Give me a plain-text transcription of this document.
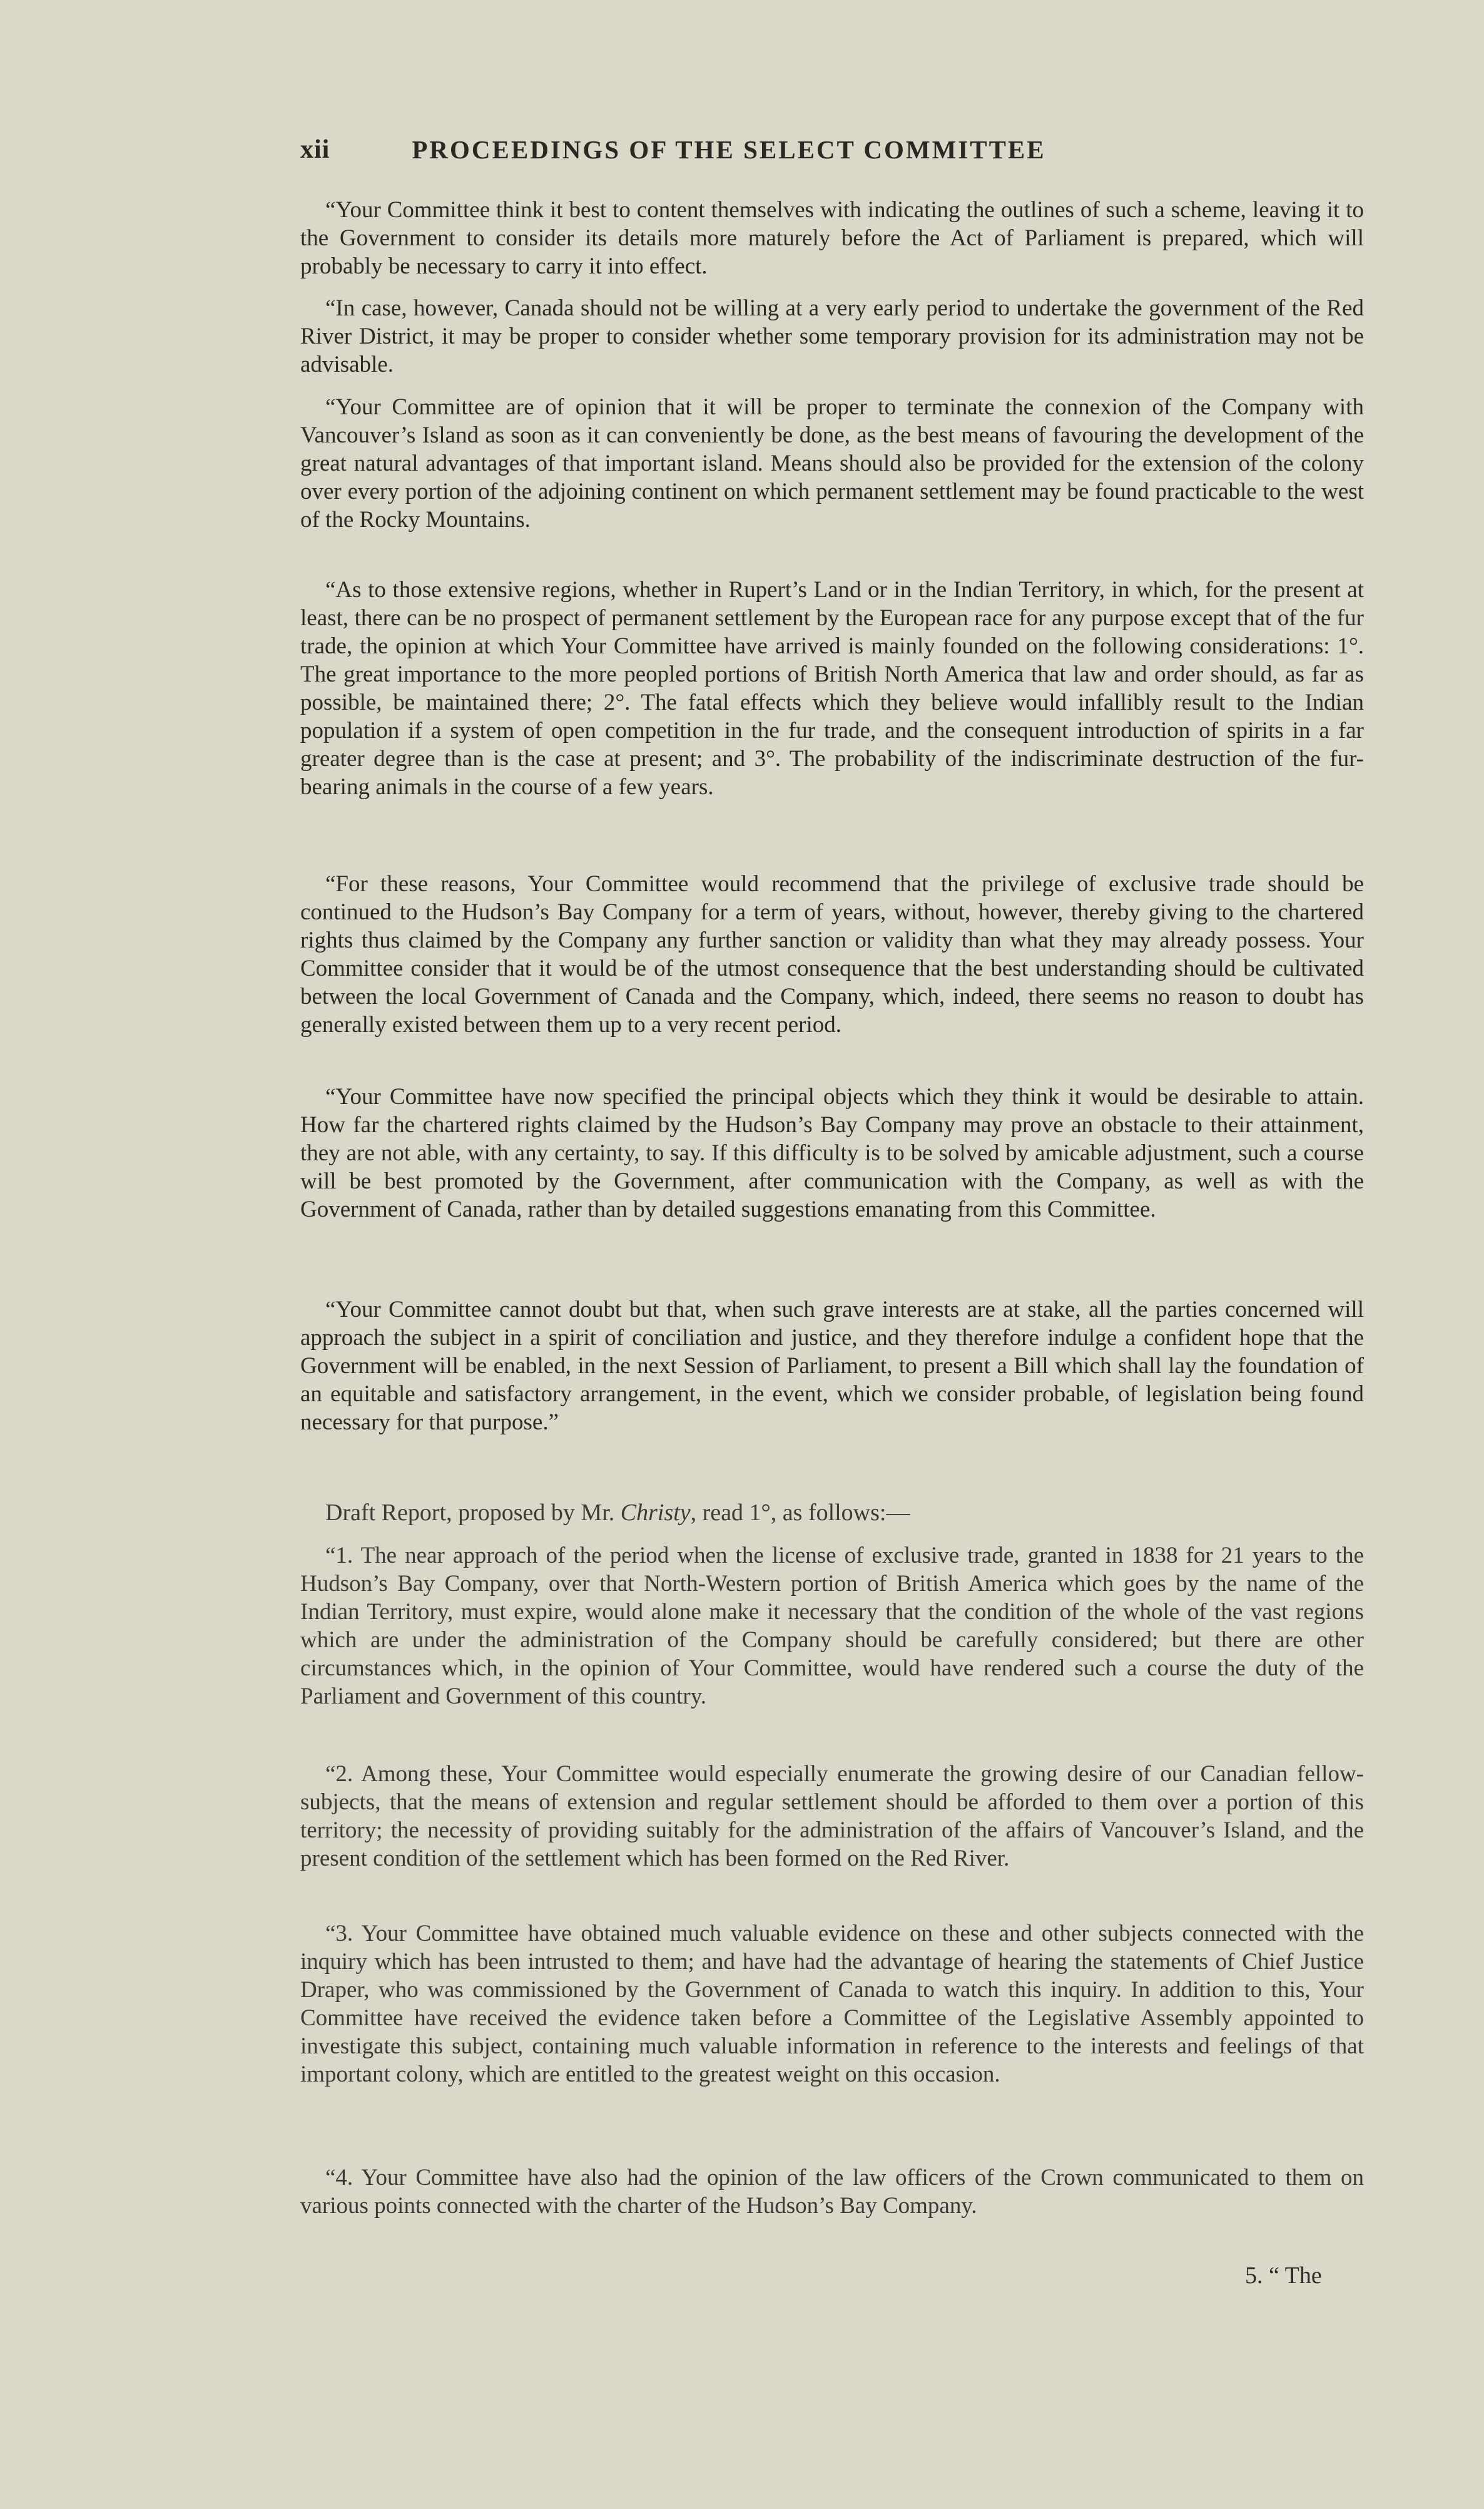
xii	PROCEEDINGS OF THE SELECT COMMITTEE
“Your Committee think it best to content themselves with indicating the outlines of such a scheme, leaving it to the Government to consider its details more maturely before the Act of Parliament is prepared, which will probably be necessary to carry it into effect.
“In case, however, Canada should not be willing at a very early period to undertake the government of the Red River District, it may be proper to consider whether some temporary provision for its administration may not be advisable.
“Your Committee are of opinion that it will be proper to terminate the connexion of the Company with Vancouver’s Island as soon as it can conveniently be done, as the best means of favouring the development of the great natural advantages of that important island. Means should also be provided for the extension of the colony over every portion of the adjoining continent on which permanent settlement may be found practicable to the west of the Rocky Mountains.
“As to those extensive regions, whether in Rupert’s Land or in the Indian Territory, in which, for the present at least, there can be no prospect of permanent settlement by the European race for any purpose except that of the fur trade, the opinion at which Your Committee have arrived is mainly founded on the following considerations: 1°. The great importance to the more peopled portions of British North America that law and order should, as far as possible, be maintained there; 2°. The fatal effects which they believe would infallibly result to the Indian population if a system of open competition in the fur trade, and the consequent introduction of spirits in a far greater degree than is the case at present; and 3°. The probability of the indiscriminate destruction of the fur-bearing animals in the course of a few years.
“For these reasons, Your Committee would recommend that the privilege of exclusive trade should be continued to the Hudson’s Bay Company for a term of years, without, however, thereby giving to the chartered rights thus claimed by the Company any further sanction or validity than what they may already possess. Your Committee consider that it would be of the utmost consequence that the best understanding should be cultivated between the local Government of Canada and the Company, which, indeed, there seems no reason to doubt has generally existed between them up to a very recent period.
“Your Committee have now specified the principal objects which they think it would be desirable to attain. How far the chartered rights claimed by the Hudson’s Bay Company may prove an obstacle to their attainment, they are not able, with any certainty, to say. If this difficulty is to be solved by amicable adjustment, such a course will be best promoted by the Government, after communication with the Company, as well as with the Government of Canada, rather than by detailed suggestions emanating from this Committee.
“Your Committee cannot doubt but that, when such grave interests are at stake, all the parties concerned will approach the subject in a spirit of conciliation and justice, and they therefore indulge a confident hope that the Government will be enabled, in the next Session of Parliament, to present a Bill which shall lay the foundation of an equitable and satisfactory arrangement, in the event, which we consider probable, of legislation being found necessary for that purpose.”
Draft Report, proposed by Mr. Christy, read 1°, as follows:—
“1. The near approach of the period when the license of exclusive trade, granted in 1838 for 21 years to the Hudson’s Bay Company, over that North-Western portion of British America which goes by the name of the Indian Territory, must expire, would alone make it necessary that the condition of the whole of the vast regions which are under the administration of the Company should be carefully considered; but there are other circumstances which, in the opinion of Your Committee, would have rendered such a course the duty of the Parliament and Government of this country.
“2. Among these, Your Committee would especially enumerate the growing desire of our Canadian fellow-subjects, that the means of extension and regular settlement should be afforded to them over a portion of this territory; the necessity of providing suitably for the administration of the affairs of Vancouver’s Island, and the present condition of the settlement which has been formed on the Red River.
“3. Your Committee have obtained much valuable evidence on these and other subjects connected with the inquiry which has been intrusted to them; and have had the advantage of hearing the statements of Chief Justice Draper, who was commissioned by the Government of Canada to watch this inquiry. In addition to this, Your Committee have received the evidence taken before a Committee of the Legislative Assembly appointed to investigate this subject, containing much valuable information in reference to the interests and feelings of that important colony, which are entitled to the greatest weight on this occasion.
“4. Your Committee have also had the opinion of the law officers of the Crown communicated to them on various points connected with the charter of the Hudson’s Bay Company.
5. “ The
